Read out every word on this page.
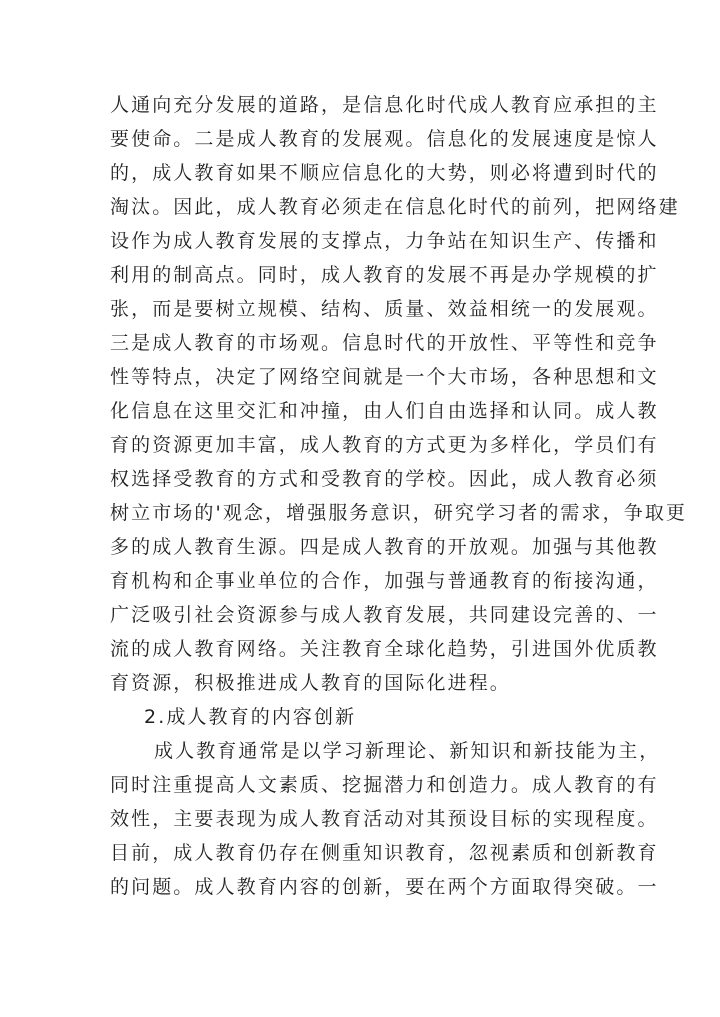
人通向充分发展的道路，是信息化时代成人教育应承担的主
要使命。二是成人教育的发展观。信息化的发展速度是惊人
的，成人教育如果不顺应信息化的大势，则必将遭到时代的
淘汰。因此，成人教育必须走在信息化时代的前列，把网络建
设作为成人教育发展的支撑点，力争站在知识生产、传播和
利用的制高点。同时，成人教育的发展不再是办学规模的扩
张，而是要树立规模、结构、质量、效益相统一的发展观。
三是成人教育的市场观。信息时代的开放性、平等性和竞争
性等特点，决定了网络空间就是一个大市场，各种思想和文
化信息在这里交汇和冲撞，由人们自由选择和认同。成人教
育的资源更加丰富，成人教育的方式更为多样化，学员们有
权选择受教育的方式和受教育的学校。因此，成人教育必须
树立市场的'观念，增强服务意识，研究学习者的需求，争取更
多的成人教育生源。四是成人教育的开放观。加强与其他教
育机构和企事业单位的合作，加强与普通教育的衔接沟通，
广泛吸引社会资源参与成人教育发展，共同建设完善的、一
流的成人教育网络。关注教育全球化趋势，引进国外优质教
育资源，积极推进成人教育的国际化进程。
2.成人教育的内容创新
成人教育通常是以学习新理论、新知识和新技能为主，
同时注重提高人文素质、挖掘潜力和创造力。成人教育的有
效性，主要表现为成人教育活动对其预设目标的实现程度。
目前，成人教育仍存在侧重知识教育，忽视素质和创新教育
的问题。成人教育内容的创新，要在两个方面取得突破。一
